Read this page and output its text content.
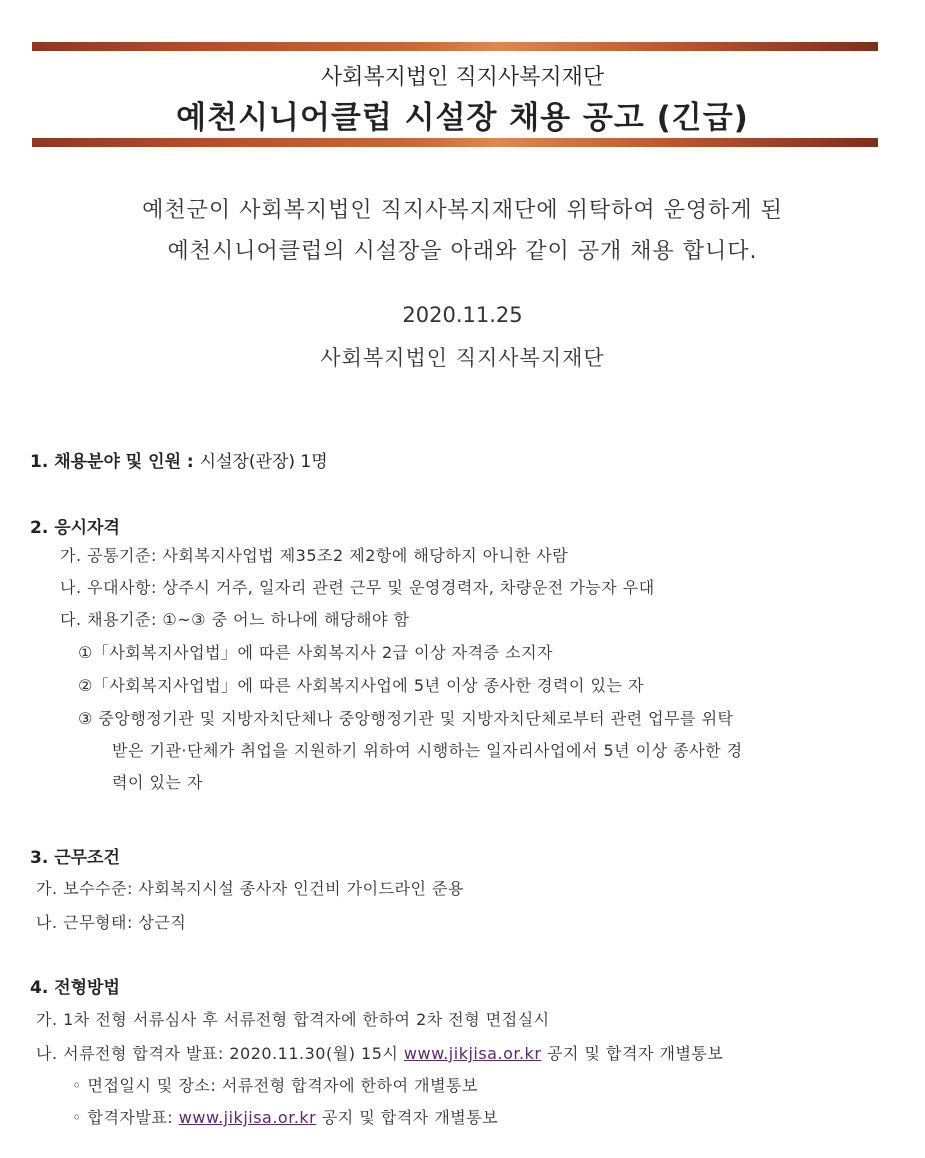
사회복지법인 직지사복지재단
예천시니어클럽 시설장 채용 공고 (긴급)
예천군이 사회복지법인 직지사복지재단에 위탁하여 운영하게 된
예천시니어클럽의 시설장을 아래와 같이 공개 채용 합니다.
2020.11.25
사회복지법인 직지사복지재단
1. 채용분야 및 인원 : 시설장(관장) 1명
2. 응시자격
가. 공통기준: 사회복지사업법 제35조2 제2항에 해당하지 아니한 사람
나. 우대사항: 상주시 거주, 일자리 관련 근무 및 운영경력자, 차량운전 가능자 우대
다. 채용기준: ①~③ 중 어느 하나에 해당해야 함
①「사회복지사업법」에 따른 사회복지사 2급 이상 자격증 소지자
②「사회복지사업법」에 따른 사회복지사업에 5년 이상 종사한 경력이 있는 자
③ 중앙행정기관 및 지방자치단체나 중앙행정기관 및 지방자치단체로부터 관련 업무를 위탁
받은 기관·단체가 취업을 지원하기 위하여 시행하는 일자리사업에서 5년 이상 종사한 경
력이 있는 자
3. 근무조건
가. 보수수준: 사회복지시설 종사자 인건비 가이드라인 준용
나. 근무형태: 상근직
4. 전형방법
가. 1차 전형 서류심사 후 서류전형 합격자에 한하여 2차 전형 면접실시
나. 서류전형 합격자 발표: 2020.11.30(월) 15시 www.jikjisa.or.kr 공지 및 합격자 개별통보
◦ 면접일시 및 장소: 서류전형 합격자에 한하여 개별통보
◦ 합격자발표: www.jikjisa.or.kr 공지 및 합격자 개별통보
